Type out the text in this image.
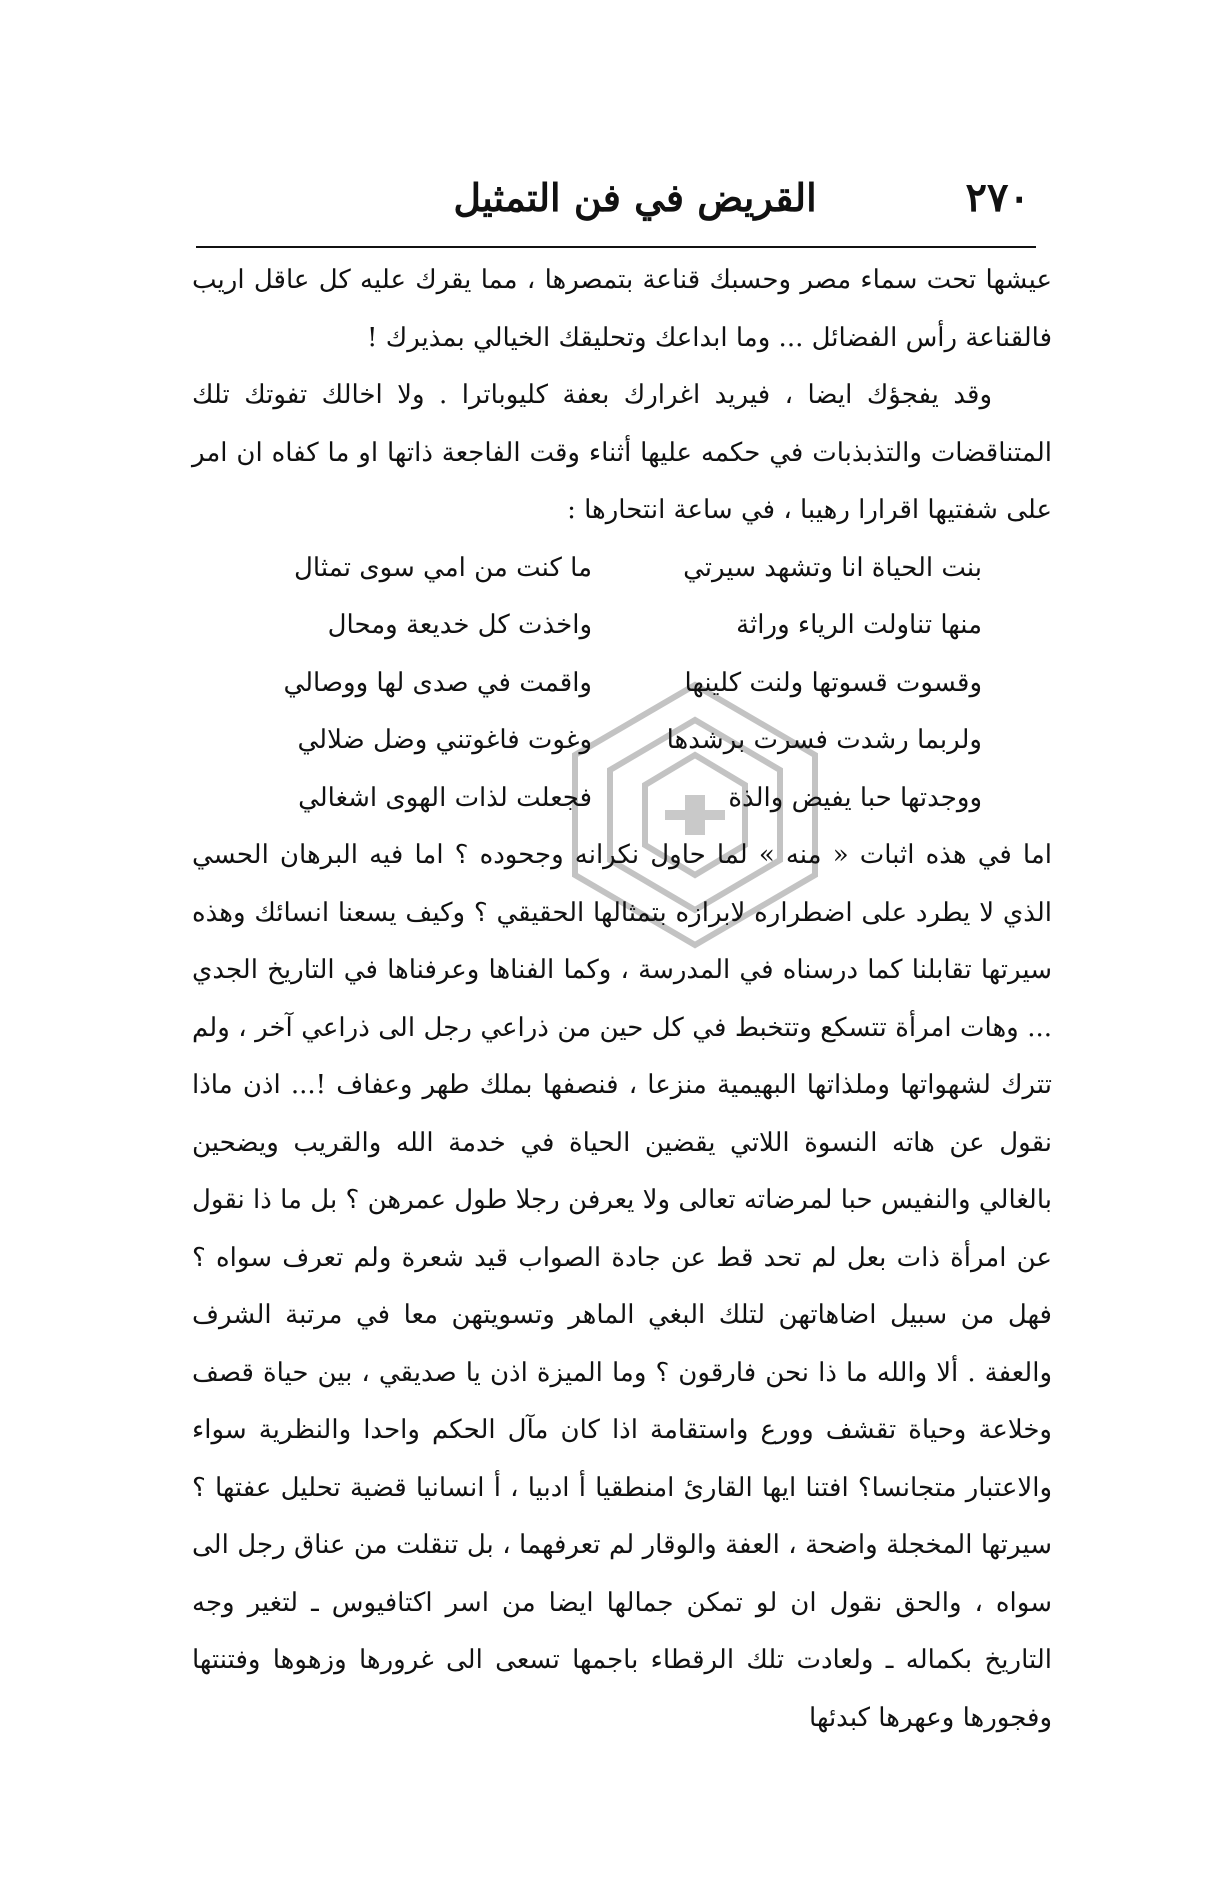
٢٧٠
القريض في فن التمثيل

عيشها تحت سماء مصر وحسبك قناعة بتمصرها ، مما يقرك عليه كل عاقل اريب فالقناعة رأس الفضائل ... وما ابداعك وتحليقك الخيالي بمذيرك !

وقد يفجؤك ايضا ، فيريد اغرارك بعفة كليوباترا . ولا اخالك تفوتك تلك المتناقضات والتذبذبات في حكمه عليها أثناء وقت الفاجعة ذاتها او ما كفاه ان امر على شفتيها اقرارا رهيبا ، في ساعة انتحارها :

بنت الحياة انا وتشهد سيرتي
ما كنت من امي سوى تمثال
منها تناولت الرياء وراثة
واخذت كل خديعة ومحال
وقسوت قسوتها ولنت كلينها
واقمت في صدى لها ووصالي
ولربما رشدت فسرت برشدها
وغوت فاغوتني وضل ضلالي
ووجدتها حبا يفيض والذة
فجعلت لذات الهوى اشغالي

اما في هذه اثبات « منه » لما حاول نكرانه وجحوده ؟ اما فيه البرهان الحسي الذي لا يطرد على اضطراره لابرازه بتمثالها الحقيقي ؟ وكيف يسعنا انسائك وهذه سيرتها تقابلنا كما درسناه في المدرسة ، وكما الفناها وعرفناها في التاريخ الجدي ... وهات امرأة تتسكع وتتخبط في كل حين من ذراعي رجل الى ذراعي آخر ، ولم تترك لشهواتها وملذاتها البهيمية منزعا ، فنصفها بملك طهر وعفاف !... اذن ماذا نقول عن هاته النسوة اللاتي يقضين الحياة في خدمة الله والقريب ويضحين بالغالي والنفيس حبا لمرضاته تعالى ولا يعرفن رجلا طول عمرهن ؟ بل ما ذا نقول عن امرأة ذات بعل لم تحد قط عن جادة الصواب قيد شعرة ولم تعرف سواه ؟ فهل من سبيل اضاهاتهن لتلك البغي الماهر وتسويتهن معا في مرتبة الشرف والعفة . ألا والله ما ذا نحن فارقون ؟ وما الميزة اذن يا صديقي ، بين حياة قصف وخلاعة وحياة تقشف وورع واستقامة اذا كان مآل الحكم واحدا والنظرية سواء والاعتبار متجانسا؟ افتنا ايها القارئ امنطقيا أ ادبيا ، أ انسانيا قضية تحليل عفتها ؟ سيرتها المخجلة واضحة ، العفة والوقار لم تعرفهما ، بل تنقلت من عناق رجل الى سواه ، والحق نقول ان لو تمكن جمالها ايضا من اسر اكتافيوس ـ لتغير وجه التاريخ بكماله ـ ولعادت تلك الرقطاء باجمها تسعى الى غرورها وزهوها وفتنتها وفجورها وعهرها كبدئها
